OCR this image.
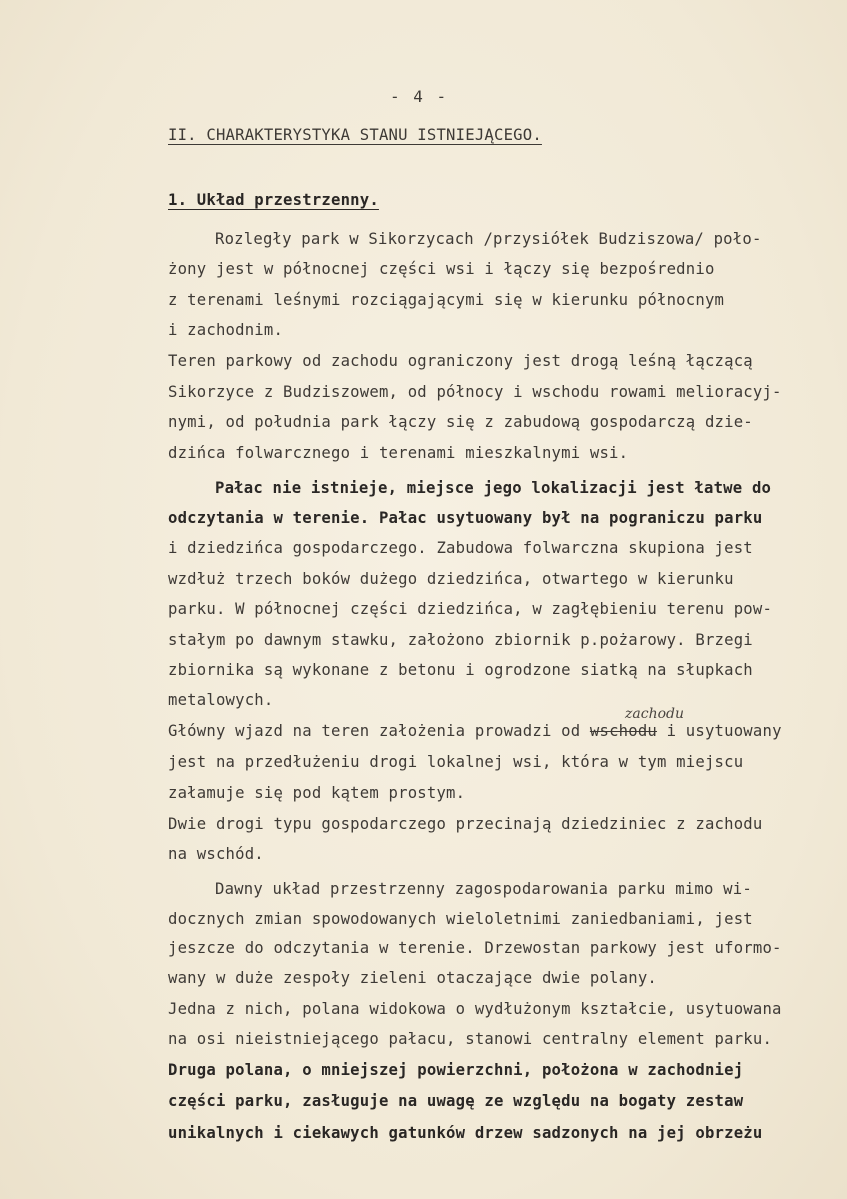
- 4 -
II. CHARAKTERYSTYKA STANU ISTNIEJĄCEGO.
1. Układ przestrzenny.
Rozległy park w Sikorzycach /przysiółek Budziszowa/ poło-
żony jest w północnej części wsi i łączy się bezpośrednio
z terenami leśnymi rozciągającymi się w kierunku północnym
i zachodnim.
Teren parkowy od zachodu ograniczony jest drogą leśną łączącą
Sikorzyce z Budziszowem, od północy i wschodu rowami melioracyj-
nymi, od południa park łączy się z zabudową gospodarczą dzie-
dzińca folwarcznego i terenami mieszkalnymi wsi.
Pałac nie istnieje, miejsce jego lokalizacji jest łatwe do
odczytania w terenie. Pałac usytuowany był na pograniczu parku
i dziedzińca gospodarczego. Zabudowa folwarczna skupiona jest
wzdłuż trzech boków dużego dziedzińca, otwartego w kierunku
parku. W północnej części dziedzińca, w zagłębieniu terenu pow-
stałym po dawnym stawku, założono zbiornik p.pożarowy. Brzegi
zbiornika są wykonane z betonu i ogrodzone siatką na słupkach
metalowych.
Główny wjazd na teren założenia prowadzi od wschodu i usytuowany
zachodu
jest na przedłużeniu drogi lokalnej wsi, która w tym miejscu
załamuje się pod kątem prostym.
Dwie drogi typu gospodarczego przecinają dziedziniec z zachodu
na wschód.
Dawny układ przestrzenny zagospodarowania parku mimo wi-
docznych zmian spowodowanych wieloletnimi zaniedbaniami, jest
jeszcze do odczytania w terenie. Drzewostan parkowy jest uformo-
wany w duże zespoły zieleni otaczające dwie polany.
Jedna z nich, polana widokowa o wydłużonym kształcie, usytuowana
na osi nieistniejącego pałacu, stanowi centralny element parku.
Druga polana, o mniejszej powierzchni, położona w zachodniej
części parku, zasługuje na uwagę ze względu na bogaty zestaw
unikalnych i ciekawych gatunków drzew sadzonych na jej obrzeżu
